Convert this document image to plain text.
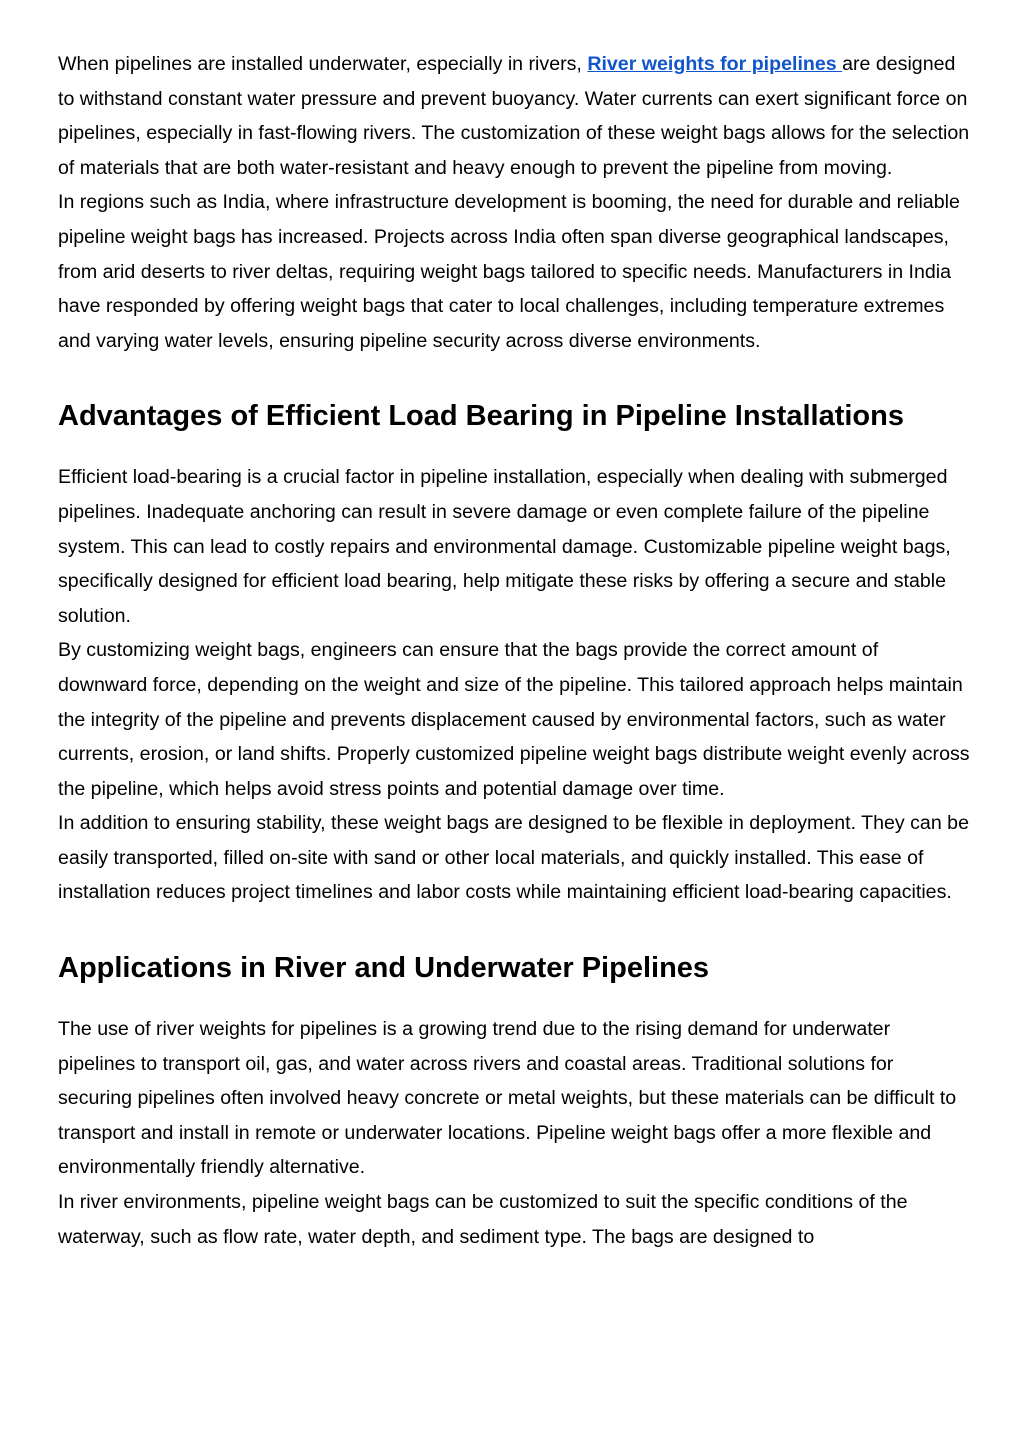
When pipelines are installed underwater, especially in rivers, River weights for pipelines are designed to withstand constant water pressure and prevent buoyancy. Water currents can exert significant force on pipelines, especially in fast-flowing rivers. The customization of these weight bags allows for the selection of materials that are both water-resistant and heavy enough to prevent the pipeline from moving.

In regions such as India, where infrastructure development is booming, the need for durable and reliable pipeline weight bags has increased. Projects across India often span diverse geographical landscapes, from arid deserts to river deltas, requiring weight bags tailored to specific needs. Manufacturers in India have responded by offering weight bags that cater to local challenges, including temperature extremes and varying water levels, ensuring pipeline security across diverse environments.

Advantages of Efficient Load Bearing in Pipeline Installations

Efficient load-bearing is a crucial factor in pipeline installation, especially when dealing with submerged pipelines. Inadequate anchoring can result in severe damage or even complete failure of the pipeline system. This can lead to costly repairs and environmental damage. Customizable pipeline weight bags, specifically designed for efficient load bearing, help mitigate these risks by offering a secure and stable solution.

By customizing weight bags, engineers can ensure that the bags provide the correct amount of downward force, depending on the weight and size of the pipeline. This tailored approach helps maintain the integrity of the pipeline and prevents displacement caused by environmental factors, such as water currents, erosion, or land shifts. Properly customized pipeline weight bags distribute weight evenly across the pipeline, which helps avoid stress points and potential damage over time.

In addition to ensuring stability, these weight bags are designed to be flexible in deployment. They can be easily transported, filled on-site with sand or other local materials, and quickly installed. This ease of installation reduces project timelines and labor costs while maintaining efficient load-bearing capacities.

Applications in River and Underwater Pipelines

The use of river weights for pipelines is a growing trend due to the rising demand for underwater pipelines to transport oil, gas, and water across rivers and coastal areas. Traditional solutions for securing pipelines often involved heavy concrete or metal weights, but these materials can be difficult to transport and install in remote or underwater locations. Pipeline weight bags offer a more flexible and environmentally friendly alternative.

In river environments, pipeline weight bags can be customized to suit the specific conditions of the waterway, such as flow rate, water depth, and sediment type. The bags are designed to
